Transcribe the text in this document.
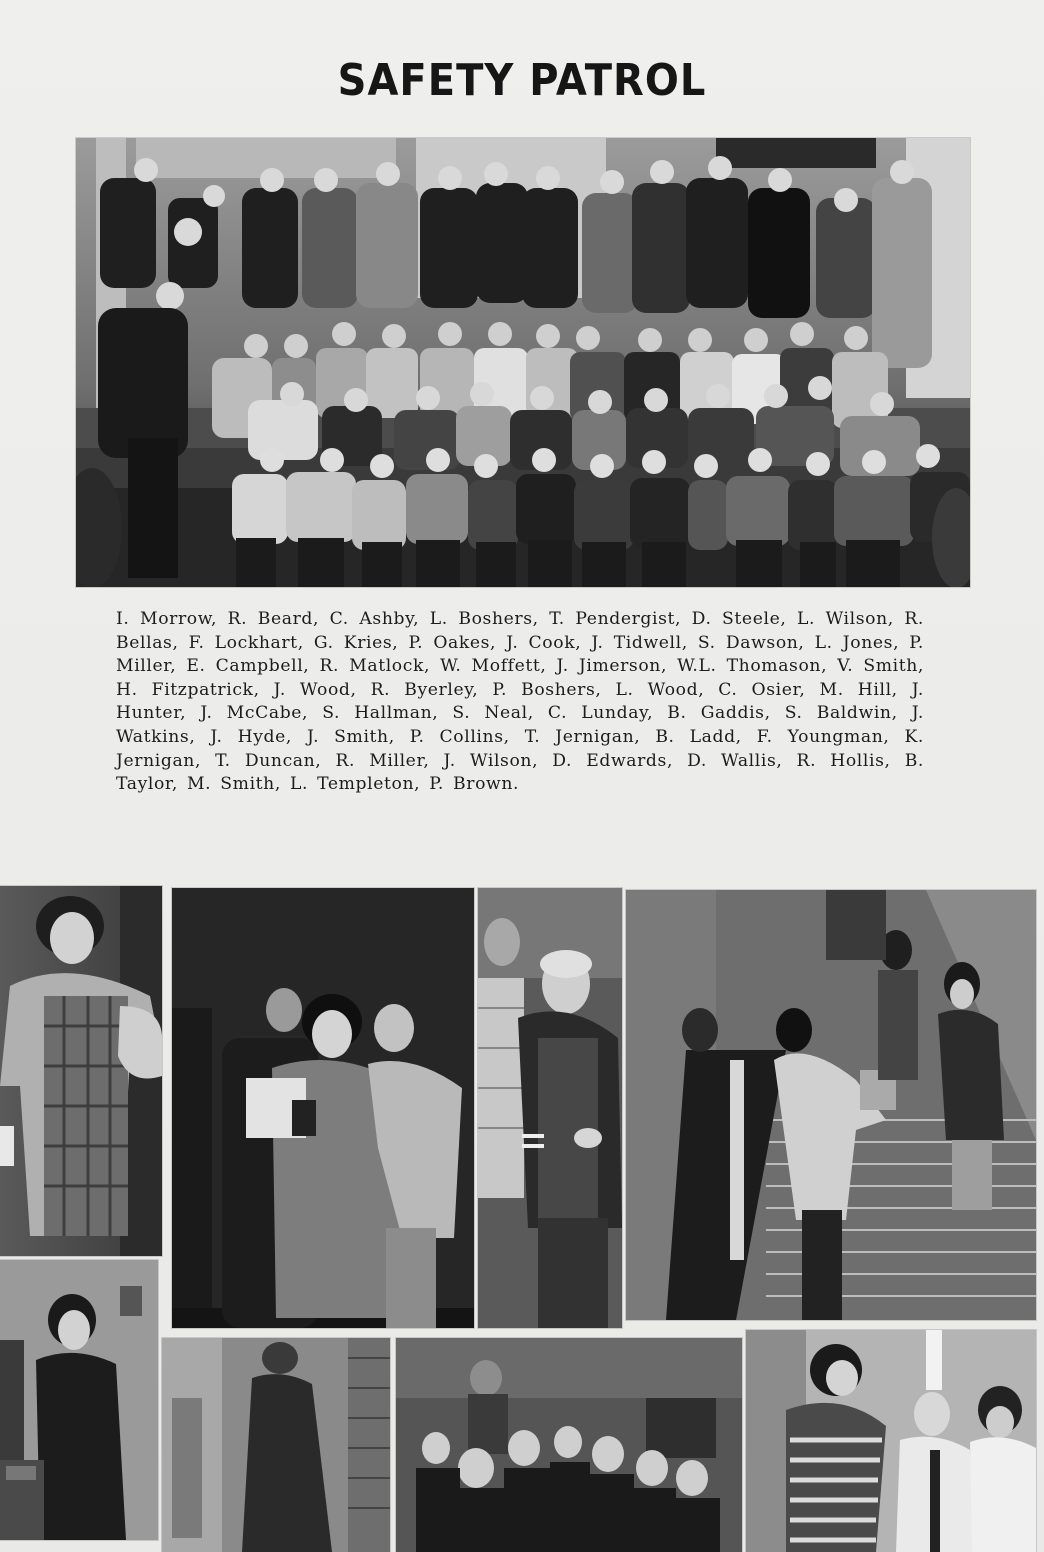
SAFETY PATROL
I. Morrow, R. Beard, C. Ashby, L. Boshers, T. Pendergist, D. Steele, L. Wilson, R. Bellas, F. Lockhart, G. Kries, P. Oakes, J. Cook, J. Tidwell, S. Dawson, L. Jones, P. Miller, E. Campbell, R. Matlock, W. Moffett, J. Jimerson, W.L. Thomason, V. Smith, H. Fitzpatrick, J. Wood, R. Byerley, P. Boshers, L. Wood, C. Osier, M. Hill, J. Hunter, J. McCabe, S. Hallman, S. Neal, C. Lunday, B. Gaddis, S. Baldwin, J. Watkins, J. Hyde, J. Smith, P. Collins, T. Jernigan, B. Ladd, F. Youngman, K. Jernigan, T. Duncan, R. Miller, J. Wilson, D. Edwards, D. Wallis, R. Hollis, B. Taylor, M. Smith, L. Templeton, P. Brown.
